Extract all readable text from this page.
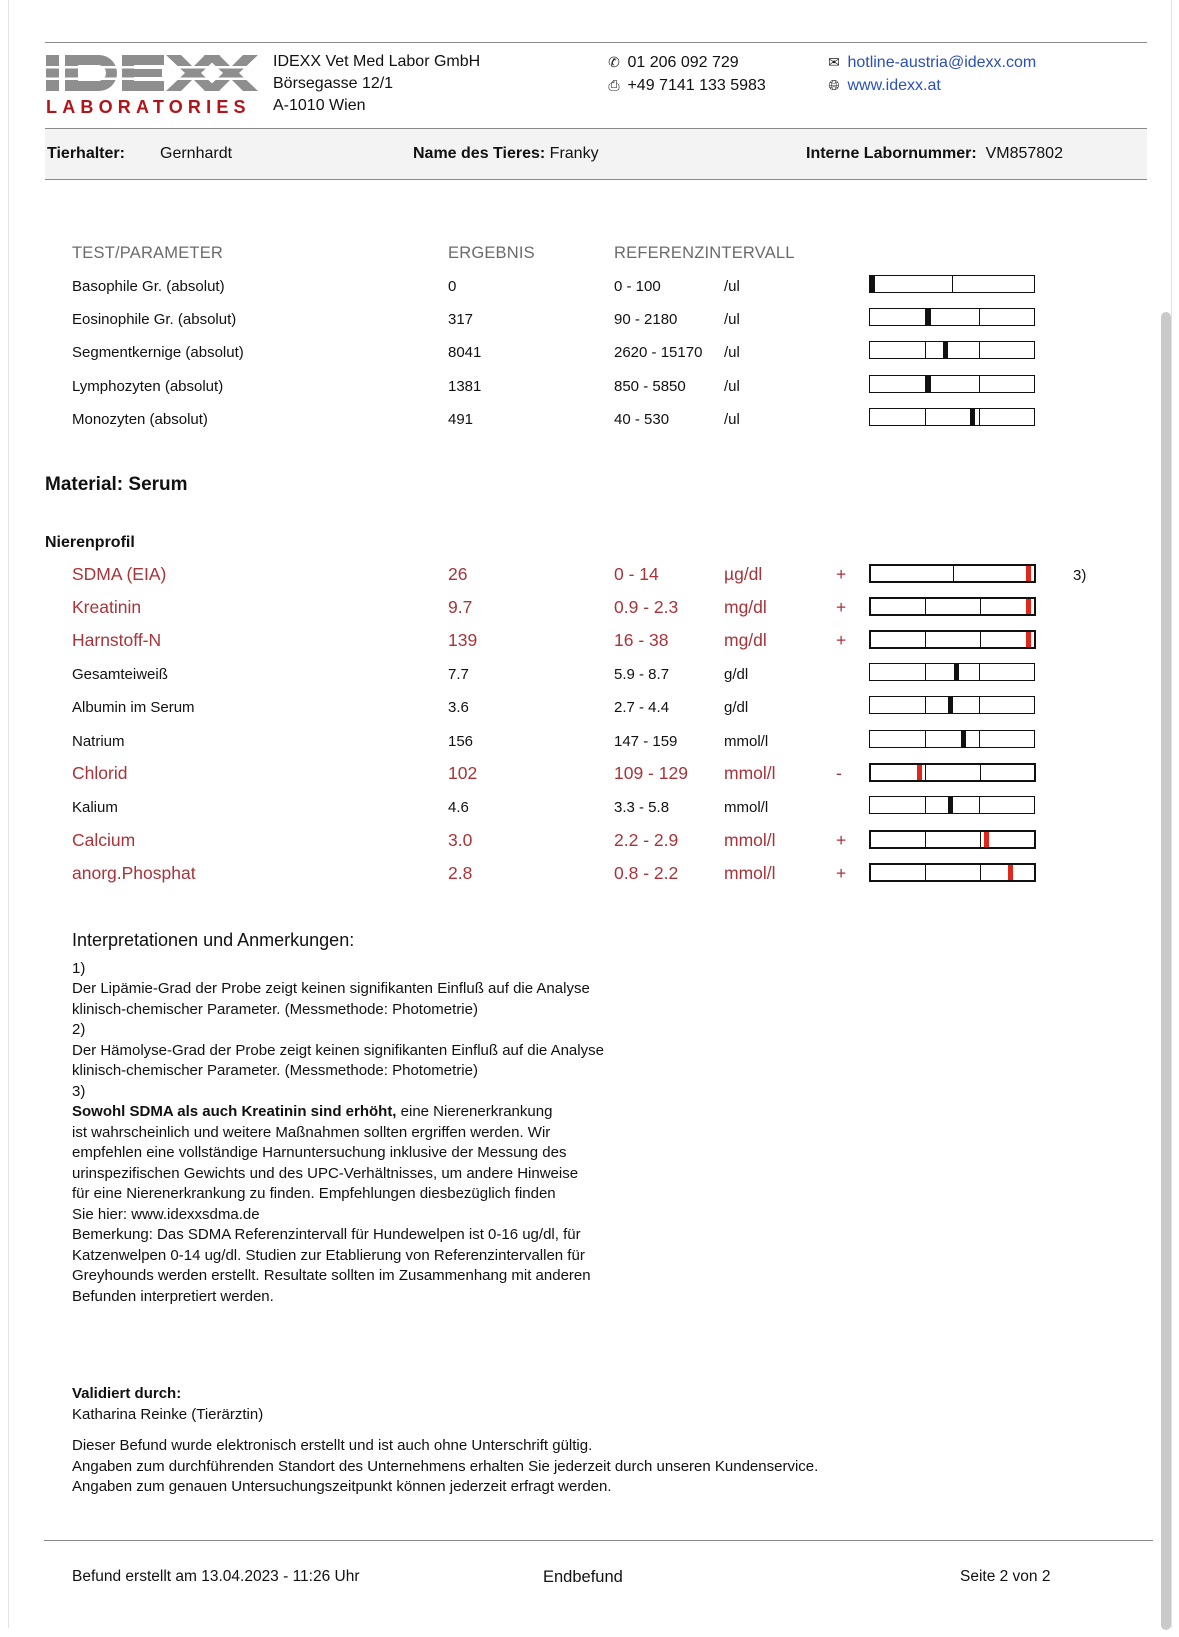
LABORATORIES
IDEXX Vet Med Labor GmbH
Börsegasse 12/1
A-1010 Wien
✆ 01 206 092 729
⎙ +49 7141 133 5983
✉ hotline-austria@idexx.com
🌐︎ www.idexx.at
Tierhalter: Gernhardt	Name des Tieres: Franky	Interne Labornummer: VM857802
TEST/PARAMETER	ERGEBNIS	REFERENZINTERVALL
Basophile Gr. (absolut)	0	0 - 100	/ul
Eosinophile Gr. (absolut)	317	90 - 2180	/ul
Segmentkernige (absolut)	8041	2620 - 15170 /ul
Lymphozyten (absolut)	1381	850 - 5850	/ul
Monozyten (absolut)	491	40 - 530	/ul
Material: Serum
Nierenprofil
SDMA (EIA)	26	0 - 14	µg/dl	+	3)
Kreatinin	9.7	0.9 - 2.3	mg/dl	+
Harnstoff-N	139	16 - 38	mg/dl	+
Gesamteiweiß	7.7	5.9 - 8.7	g/dl
Albumin im Serum	3.6	2.7 - 4.4	g/dl
Natrium	156	147 - 159	mmol/l
Chlorid	102	109 - 129 mmol/l	-
Kalium	4.6	3.3 - 5.8	mmol/l
Calcium	3.0	2.2 - 2.9	mmol/l	+
anorg.Phosphat	2.8	0.8 - 2.2	mmol/l	+
Interpretationen und Anmerkungen:
1)
Der Lipämie-Grad der Probe zeigt keinen signifikanten Einfluß auf die Analyse
klinisch-chemischer Parameter. (Messmethode: Photometrie)
2)
Der Hämolyse-Grad der Probe zeigt keinen signifikanten Einfluß auf die Analyse
klinisch-chemischer Parameter. (Messmethode: Photometrie)
3)
Sowohl SDMA als auch Kreatinin sind erhöht, eine Nierenerkrankung
ist wahrscheinlich und weitere Maßnahmen sollten ergriffen werden. Wir
empfehlen eine vollständige Harnuntersuchung inklusive der Messung des
urinspezifischen Gewichts und des UPC-Verhältnisses, um andere Hinweise
für eine Nierenerkrankung zu finden. Empfehlungen diesbezüglich finden
Sie hier: www.idexxsdma.de
Bemerkung: Das SDMA Referenzintervall für Hundewelpen ist 0-16 ug/dl, für
Katzenwelpen 0-14 ug/dl. Studien zur Etablierung von Referenzintervallen für
Greyhounds werden erstellt. Resultate sollten im Zusammenhang mit anderen
Befunden interpretiert werden.
Validiert durch:
Katharina Reinke (Tierärztin)
Dieser Befund wurde elektronisch erstellt und ist auch ohne Unterschrift gültig.
Angaben zum durchführenden Standort des Unternehmens erhalten Sie jederzeit durch unseren Kundenservice.
Angaben zum genauen Untersuchungszeitpunkt können jederzeit erfragt werden.
Befund erstellt am 13.04.2023 - 11:26 Uhr	Endbefund	Seite 2 von 2
